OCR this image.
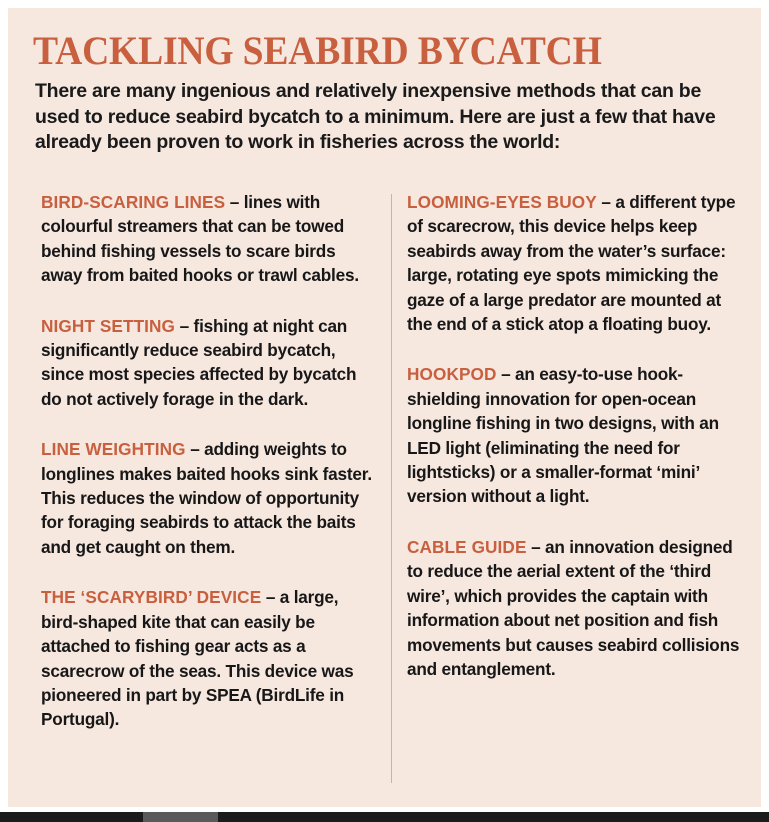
TACKLING SEABIRD BYCATCH
There are many ingenious and relatively inexpensive methods that can be used to reduce seabird bycatch to a minimum. Here are just a few that have already been proven to work in fisheries across the world:

BIRD-SCARING LINES – lines with colourful streamers that can be towed behind fishing vessels to scare birds away from baited hooks or trawl cables.

NIGHT SETTING – fishing at night can significantly reduce seabird bycatch, since most species affected by bycatch do not actively forage in the dark.

LINE WEIGHTING – adding weights to longlines makes baited hooks sink faster. This reduces the window of opportunity for foraging seabirds to attack the baits and get caught on them.

THE ‘SCARYBIRD’ DEVICE – a large, bird-shaped kite that can easily be attached to fishing gear acts as a scarecrow of the seas. This device was pioneered in part by SPEA (BirdLife in Portugal).

LOOMING-EYES BUOY – a different type of scarecrow, this device helps keep seabirds away from the water’s surface: large, rotating eye spots mimicking the gaze of a large predator are mounted at the end of a stick atop a floating buoy.

HOOKPOD – an easy-to-use hook-shielding innovation for open-ocean longline fishing in two designs, with an LED light (eliminating the need for lightsticks) or a smaller-format ‘mini’ version without a light.

CABLE GUIDE – an innovation designed to reduce the aerial extent of the ‘third wire’, which provides the captain with information about net position and fish movements but causes seabird collisions and entanglement.
